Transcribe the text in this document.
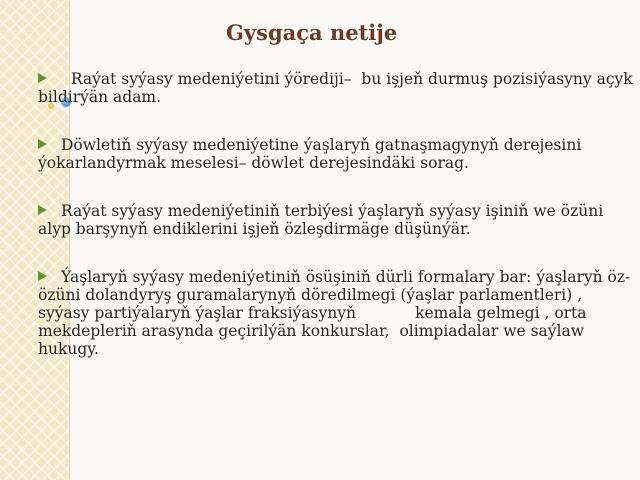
Gysgaça netije
Raýat syýasy medeniýetini ýörediji–  bu işjeň durmuş pozisiýasyny açyk bildirýän adam.
Döwletiň syýasy medeniýetine ýaşlaryň gatnaşmagynyň derejesini ýokarlandyrmak meselesi– döwlet derejesindäki sorag.
Raýat syýasy medeniýetiniň terbiýesi ýaşlaryň syýasy işiniň we özüni alyp barşynyň endiklerini işjeň özleşdirmäge düşünýär.
Ýaşlaryň syýasy medeniýetiniň ösüşiniň dürli formalary bar: ýaşlaryň öz-özüni dolandyryş guramalarynyň döredilmegi (ýaşlar parlamentleri) , syýasy partiýalaryň ýaşlar fraksiýasynyň            kemala gelmegi , orta mekdepleriň arasynda geçirilýän konkurslar,  olimpiadalar we saýlaw hukugy.
